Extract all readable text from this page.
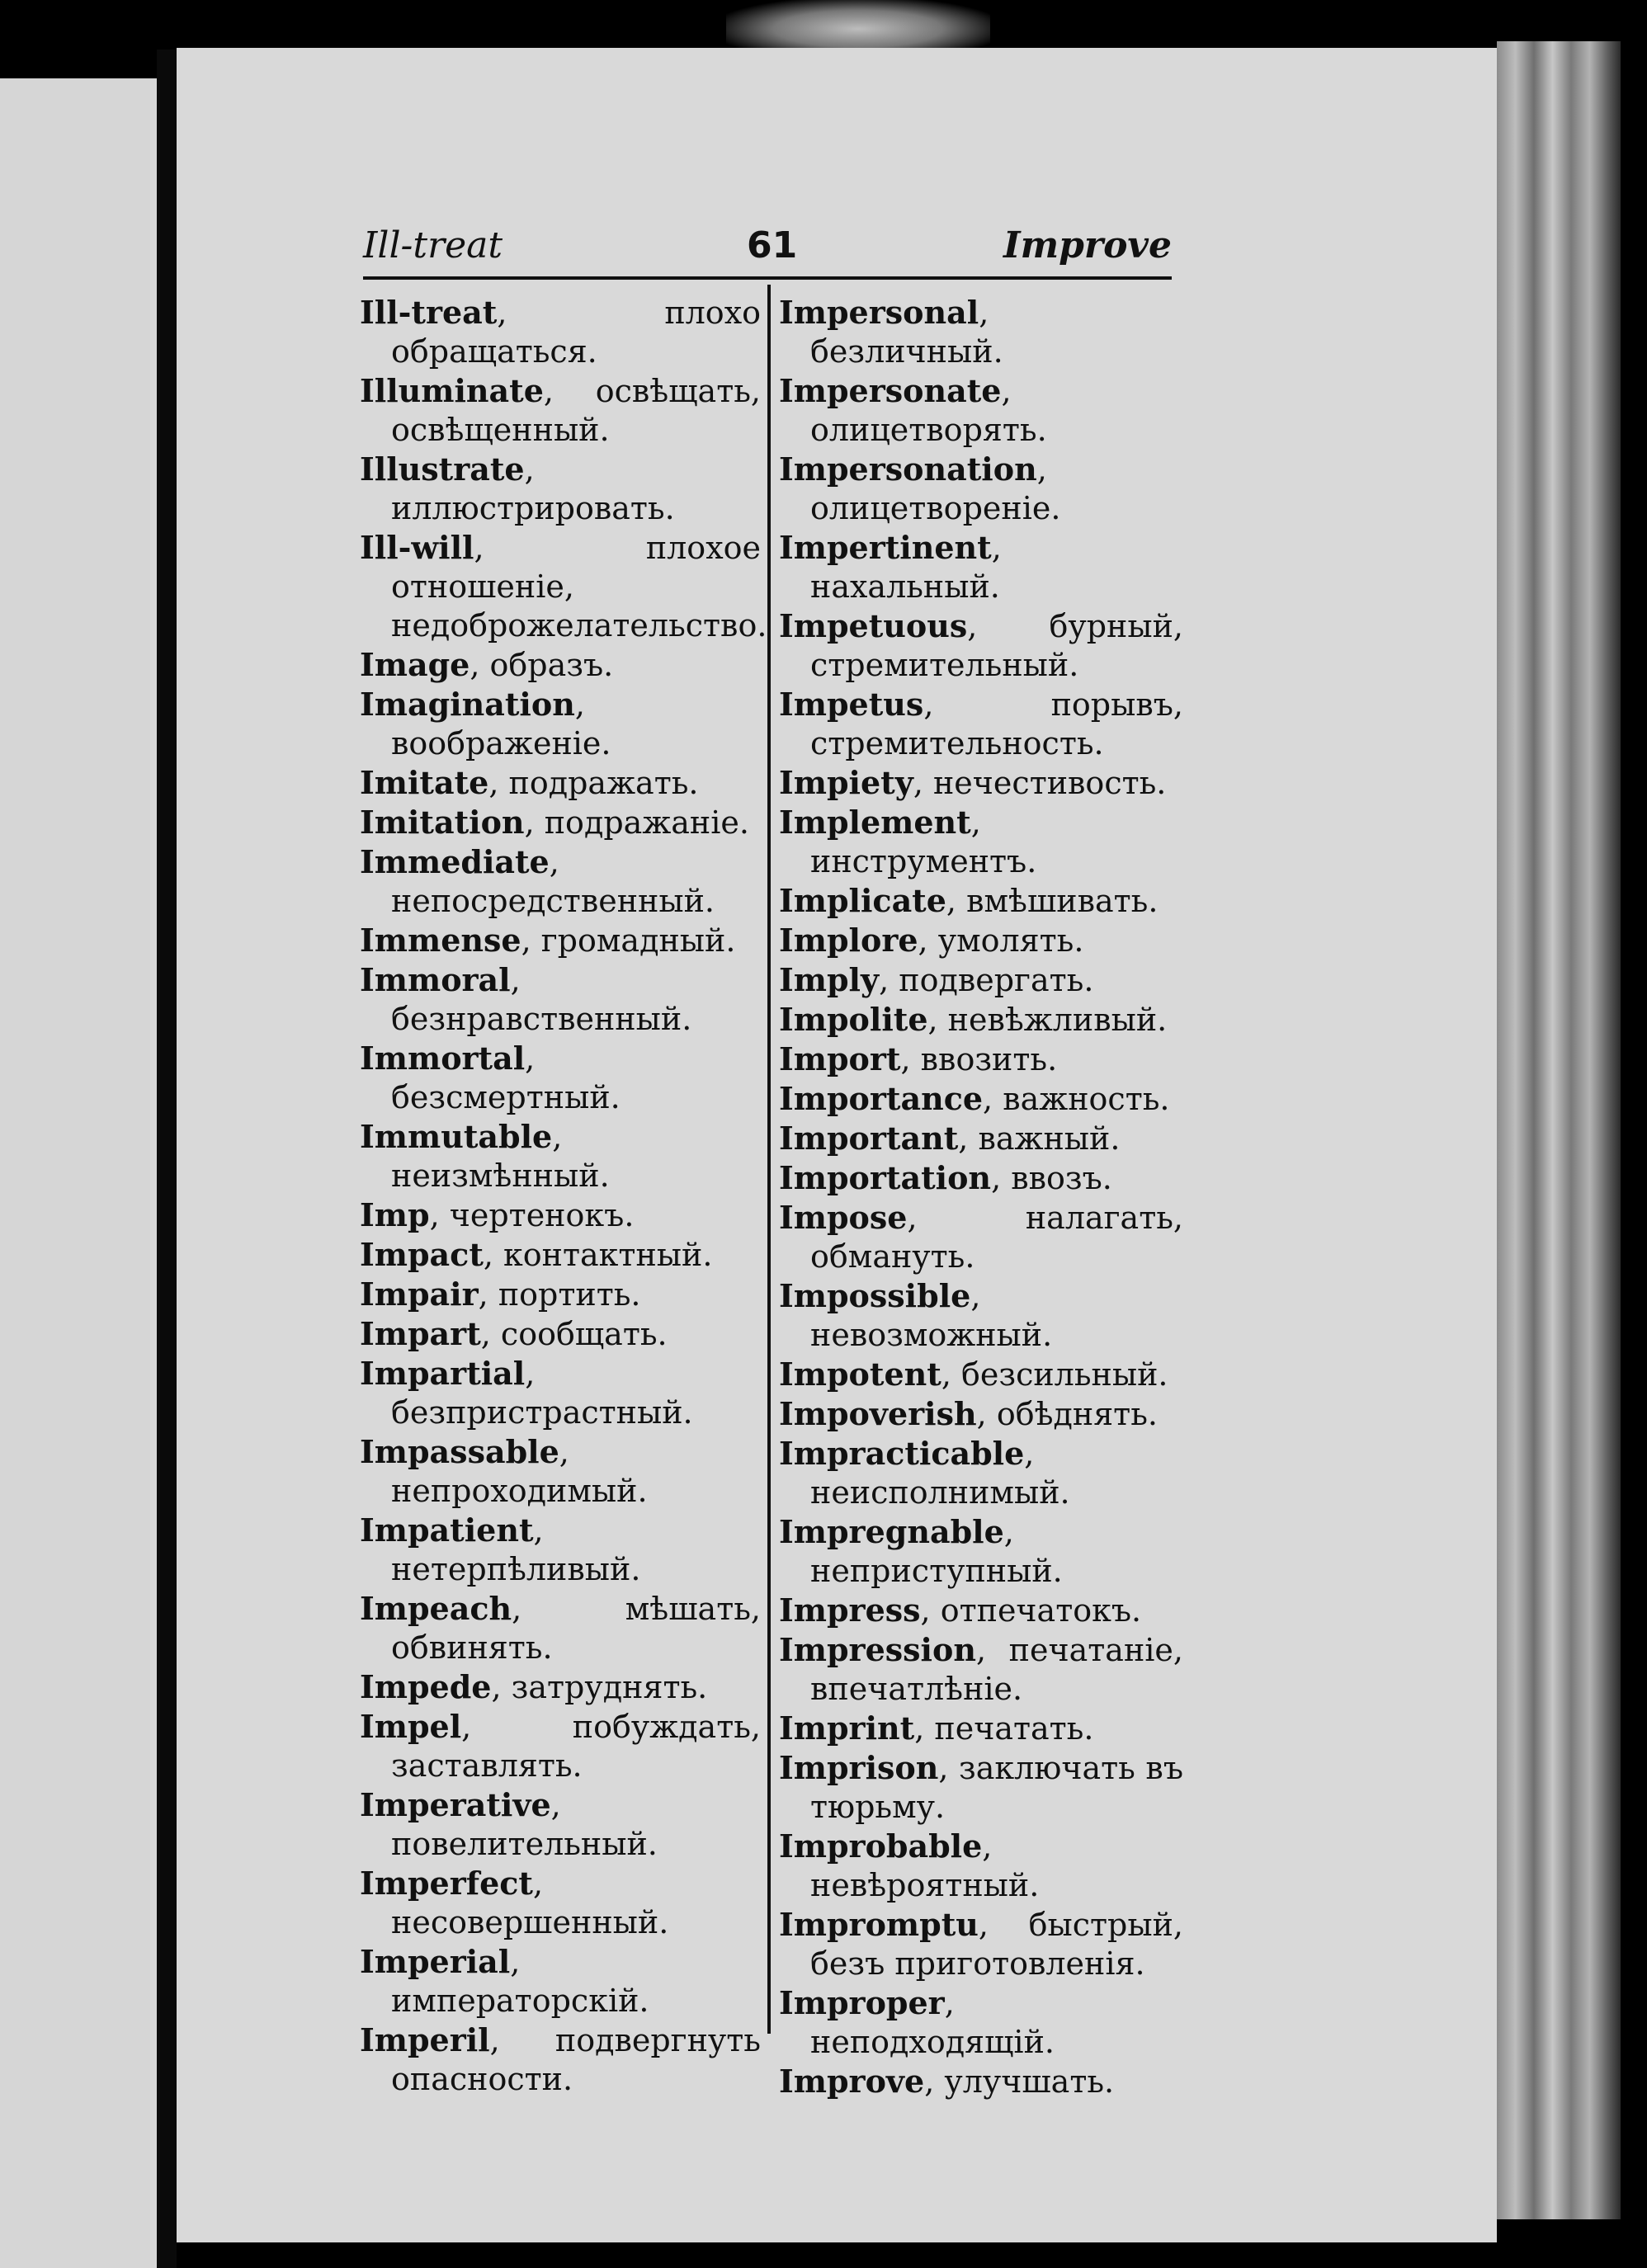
Ill-treat	61	Improve
Ill-treat, плохо обращаться.
Illuminate, освѣщать, освѣщенный.
Illustrate, иллюстрировать.
Ill-will, плохое отношенie, недоброжелательство.
Image, образъ.
Imagination, воображенie.
Imitate, подражать.
Imitation, подражанie.
Immediate, непосредственный.
Immense, громадный.
Immoral, безнравственный.
Immortal, безсмертный.
Immutable, неизмѣнный.
Imp, чертенокъ.
Impact, контактный.
Impair, портить.
Impart, сообщать.
Impartial, безпристрастный.
Impassable, непроходимый.
Impatient, нетерпѣливый.
Impeach, мѣшать, обвинять.
Impede, затруднять.
Impel, побуждать, заставлять.
Imperative, повелительный.
Imperfect, несовершенный.
Imperial, императорскiй.
Imperil, подвергнуть опасности.
Impersonal, безличный.
Impersonate, олицетворять.
Impersonation, олицетворенie.
Impertinent, нахальный.
Impetuous, бурный, стремительный.
Impetus, порывъ, стремительность.
Impiety, нечестивость.
Implement, инструментъ.
Implicate, вмѣшивать.
Implore, умолять.
Imply, подвергать.
Impolite, невѣжливый.
Import, ввозить.
Importance, важность.
Important, важный.
Importation, ввозъ.
Impose, налагать, обмануть.
Impossible, невозможный.
Impotent, безсильный.
Impoverish, обѣднять.
Impracticable, неисполнимый.
Impregnable, неприступный.
Impress, отпечатокъ.
Impression, печатанie, впечатлѣнie.
Imprint, печатать.
Imprison, заключать въ тюрьму.
Improbable, невѣроятный.
Impromptu, быстрый, безъ приготовленiя.
Improper, неподходящiй.
Improve, улучшать.
